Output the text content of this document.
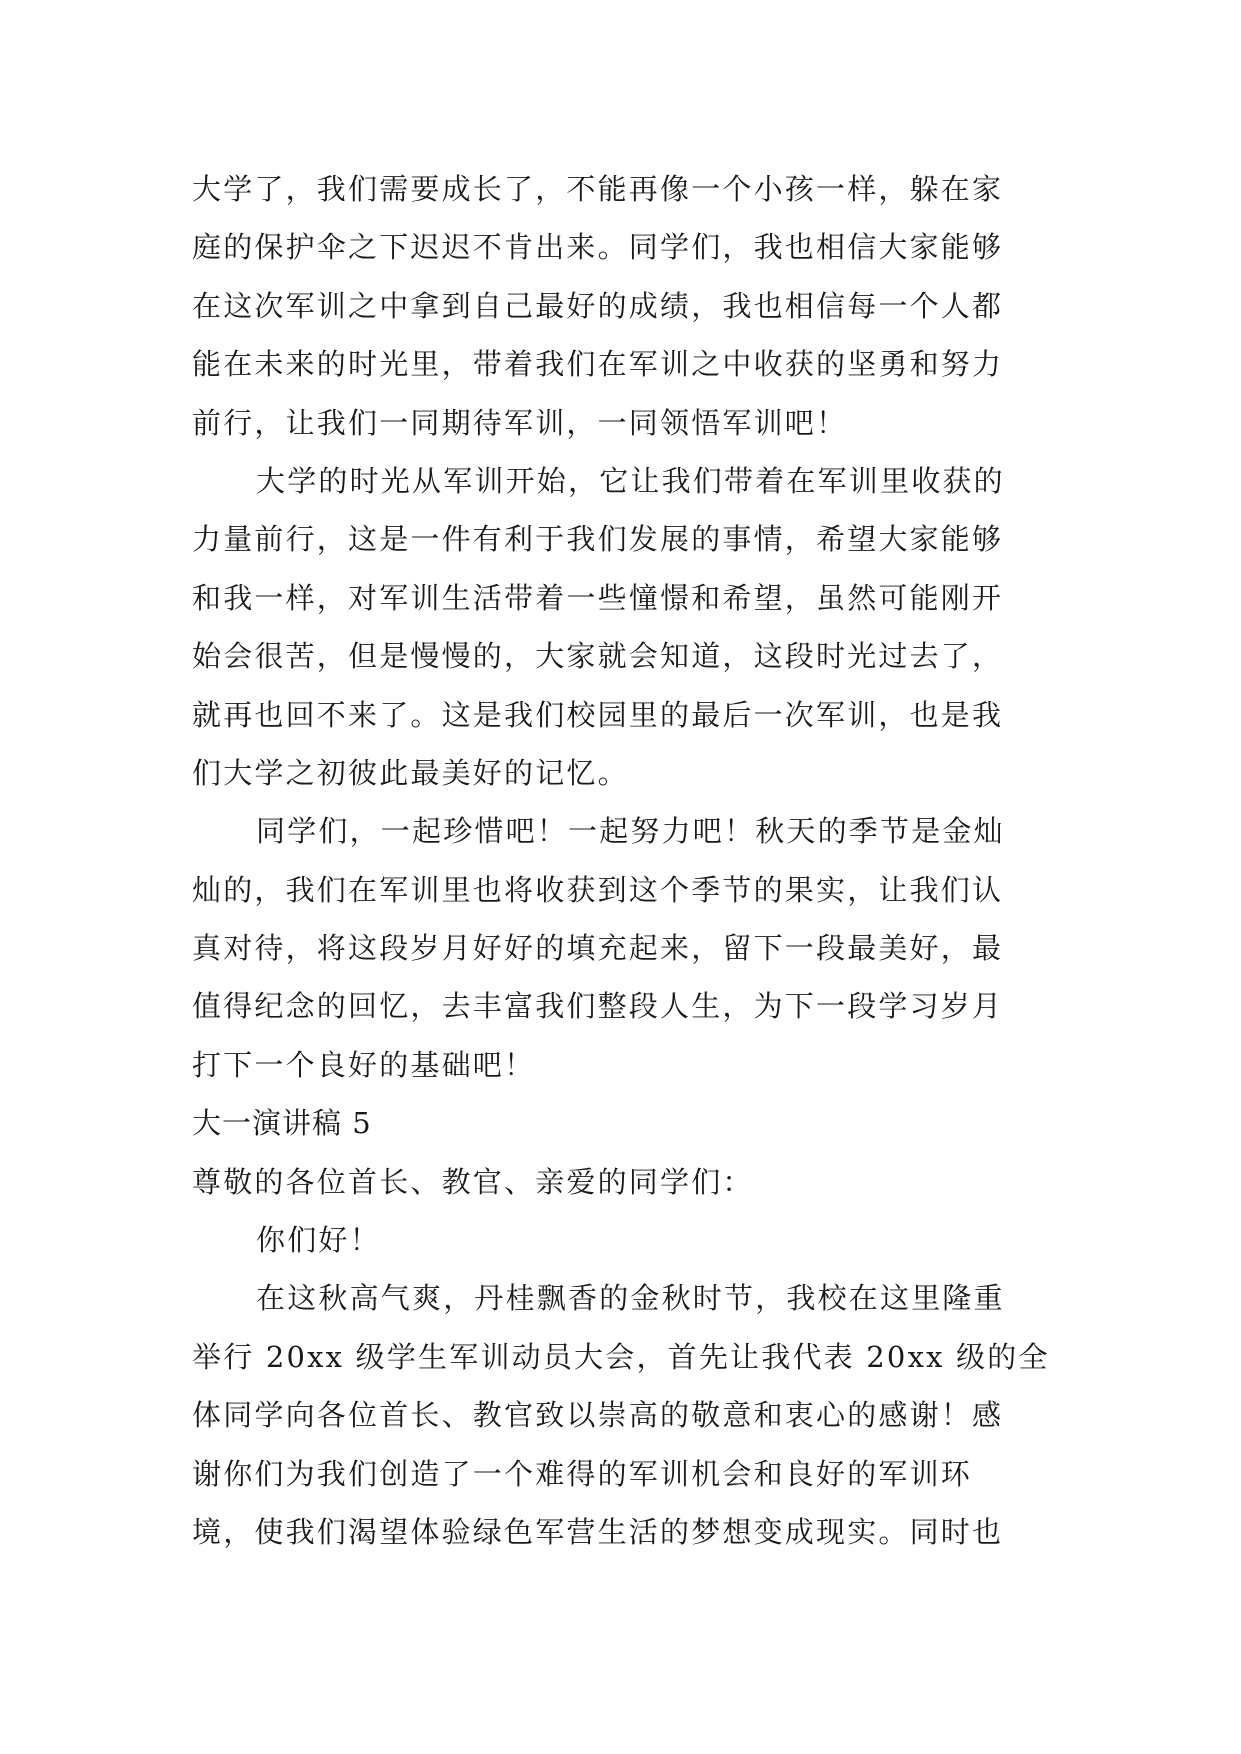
大学了，我们需要成长了，不能再像一个小孩一样，躲在家
庭的保护伞之下迟迟不肯出来。同学们，我也相信大家能够
在这次军训之中拿到自己最好的成绩，我也相信每一个人都
能在未来的时光里，带着我们在军训之中收获的坚勇和努力
前行，让我们一同期待军训，一同领悟军训吧！
大学的时光从军训开始，它让我们带着在军训里收获的
力量前行，这是一件有利于我们发展的事情，希望大家能够
和我一样，对军训生活带着一些憧憬和希望，虽然可能刚开
始会很苦，但是慢慢的，大家就会知道，这段时光过去了，
就再也回不来了。这是我们校园里的最后一次军训，也是我
们大学之初彼此最美好的记忆。
同学们，一起珍惜吧！一起努力吧！秋天的季节是金灿
灿的，我们在军训里也将收获到这个季节的果实，让我们认
真对待，将这段岁月好好的填充起来，留下一段最美好，最
值得纪念的回忆，去丰富我们整段人生，为下一段学习岁月
打下一个良好的基础吧！
大一演讲稿 5
尊敬的各位首长、教官、亲爱的同学们：
你们好！
在这秋高气爽，丹桂飘香的金秋时节，我校在这里隆重
举行 20xx 级学生军训动员大会，首先让我代表 20xx 级的全
体同学向各位首长、教官致以崇高的敬意和衷心的感谢！感
谢你们为我们创造了一个难得的军训机会和良好的军训环
境，使我们渴望体验绿色军营生活的梦想变成现实。同时也
